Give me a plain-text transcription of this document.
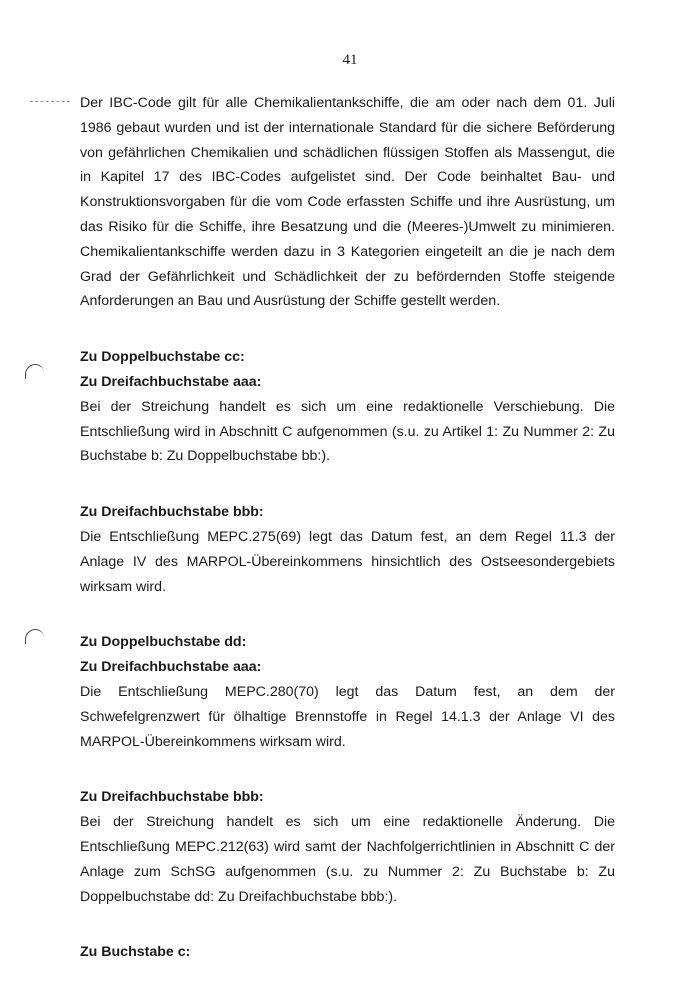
41

Der IBC-Code gilt für alle Chemikalientankschiffe, die am oder nach dem 01. Juli 1986 gebaut wurden und ist der internationale Standard für die sichere Beförderung von gefährlichen Chemikalien und schädlichen flüssigen Stoffen als Massengut, die in Kapitel 17 des IBC-Codes aufgelistet sind. Der Code beinhaltet Bau- und Konstruktionsvorgaben für die vom Code erfassten Schiffe und ihre Ausrüstung, um das Risiko für die Schiffe, ihre Besatzung und die (Meeres-)Umwelt zu minimieren. Chemikalientankschiffe werden dazu in 3 Kategorien eingeteilt an die je nach dem Grad der Gefährlichkeit und Schädlichkeit der zu befördernden Stoffe steigende Anforderungen an Bau und Ausrüstung der Schiffe gestellt werden.

Zu Doppelbuchstabe cc:

Zu Dreifachbuchstabe aaa:

Bei der Streichung handelt es sich um eine redaktionelle Verschiebung. Die Entschließung wird in Abschnitt C aufgenommen (s.u. zu Artikel 1: Zu Nummer 2: Zu Buchstabe b: Zu Doppelbuchstabe bb:).

Zu Dreifachbuchstabe bbb:

Die Entschließung MEPC.275(69) legt das Datum fest, an dem Regel 11.3 der Anlage IV des MARPOL-Übereinkommens hinsichtlich des Ostseesondergebiets wirksam wird.

Zu Doppelbuchstabe dd:

Zu Dreifachbuchstabe aaa:

Die Entschließung MEPC.280(70) legt das Datum fest, an dem der Schwefelgrenzwert für ölhaltige Brennstoffe in Regel 14.1.3 der Anlage VI des MARPOL-Übereinkommens wirksam wird.

Zu Dreifachbuchstabe bbb:

Bei der Streichung handelt es sich um eine redaktionelle Änderung. Die Entschließung MEPC.212(63) wird samt der Nachfolgerrichtlinien in Abschnitt C der Anlage zum SchSG aufgenommen (s.u. zu Nummer 2: Zu Buchstabe b: Zu Doppelbuchstabe dd: Zu Dreifachbuchstabe bbb:).

Zu Buchstabe c:
